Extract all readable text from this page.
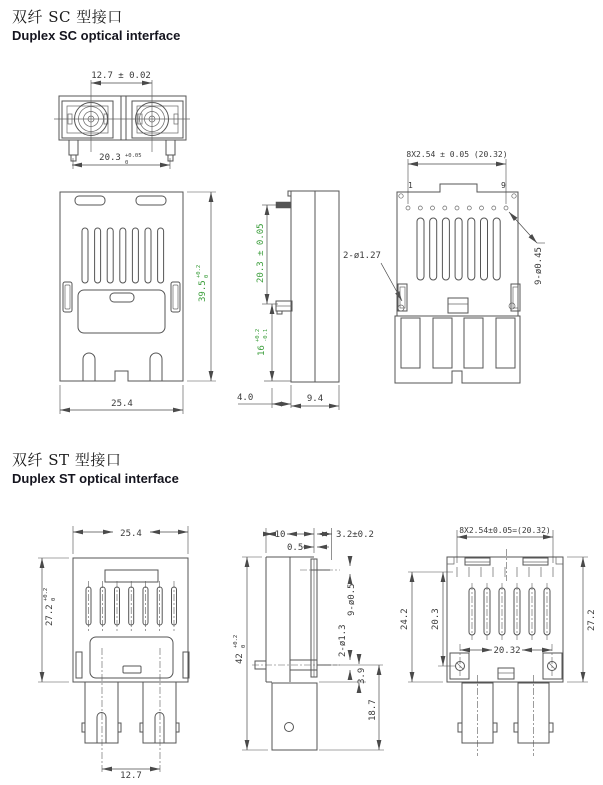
双纤 SC 型接口
Duplex SC optical interface
双纤 ST 型接口
Duplex ST optical interface
12.7 ± 0.02
20.3 +0.05
0
25.4
39.5
+0.2 0	20.3 ± 0.05
16
+0.2 -0.1
4.0	9.4
2-ø1.27
8X2.54 ± 0.05 (20.32)
1	9
9-ø0.45
25.4
27.2
+0.2 0
12.7
10	3.2±0.2
0.5
42
+0.2 0
9-ø0.5
2-ø1.3
3.9
18.7
8X2.54±0.05=(20.32)
24.2 20.3	27.2
20.32
